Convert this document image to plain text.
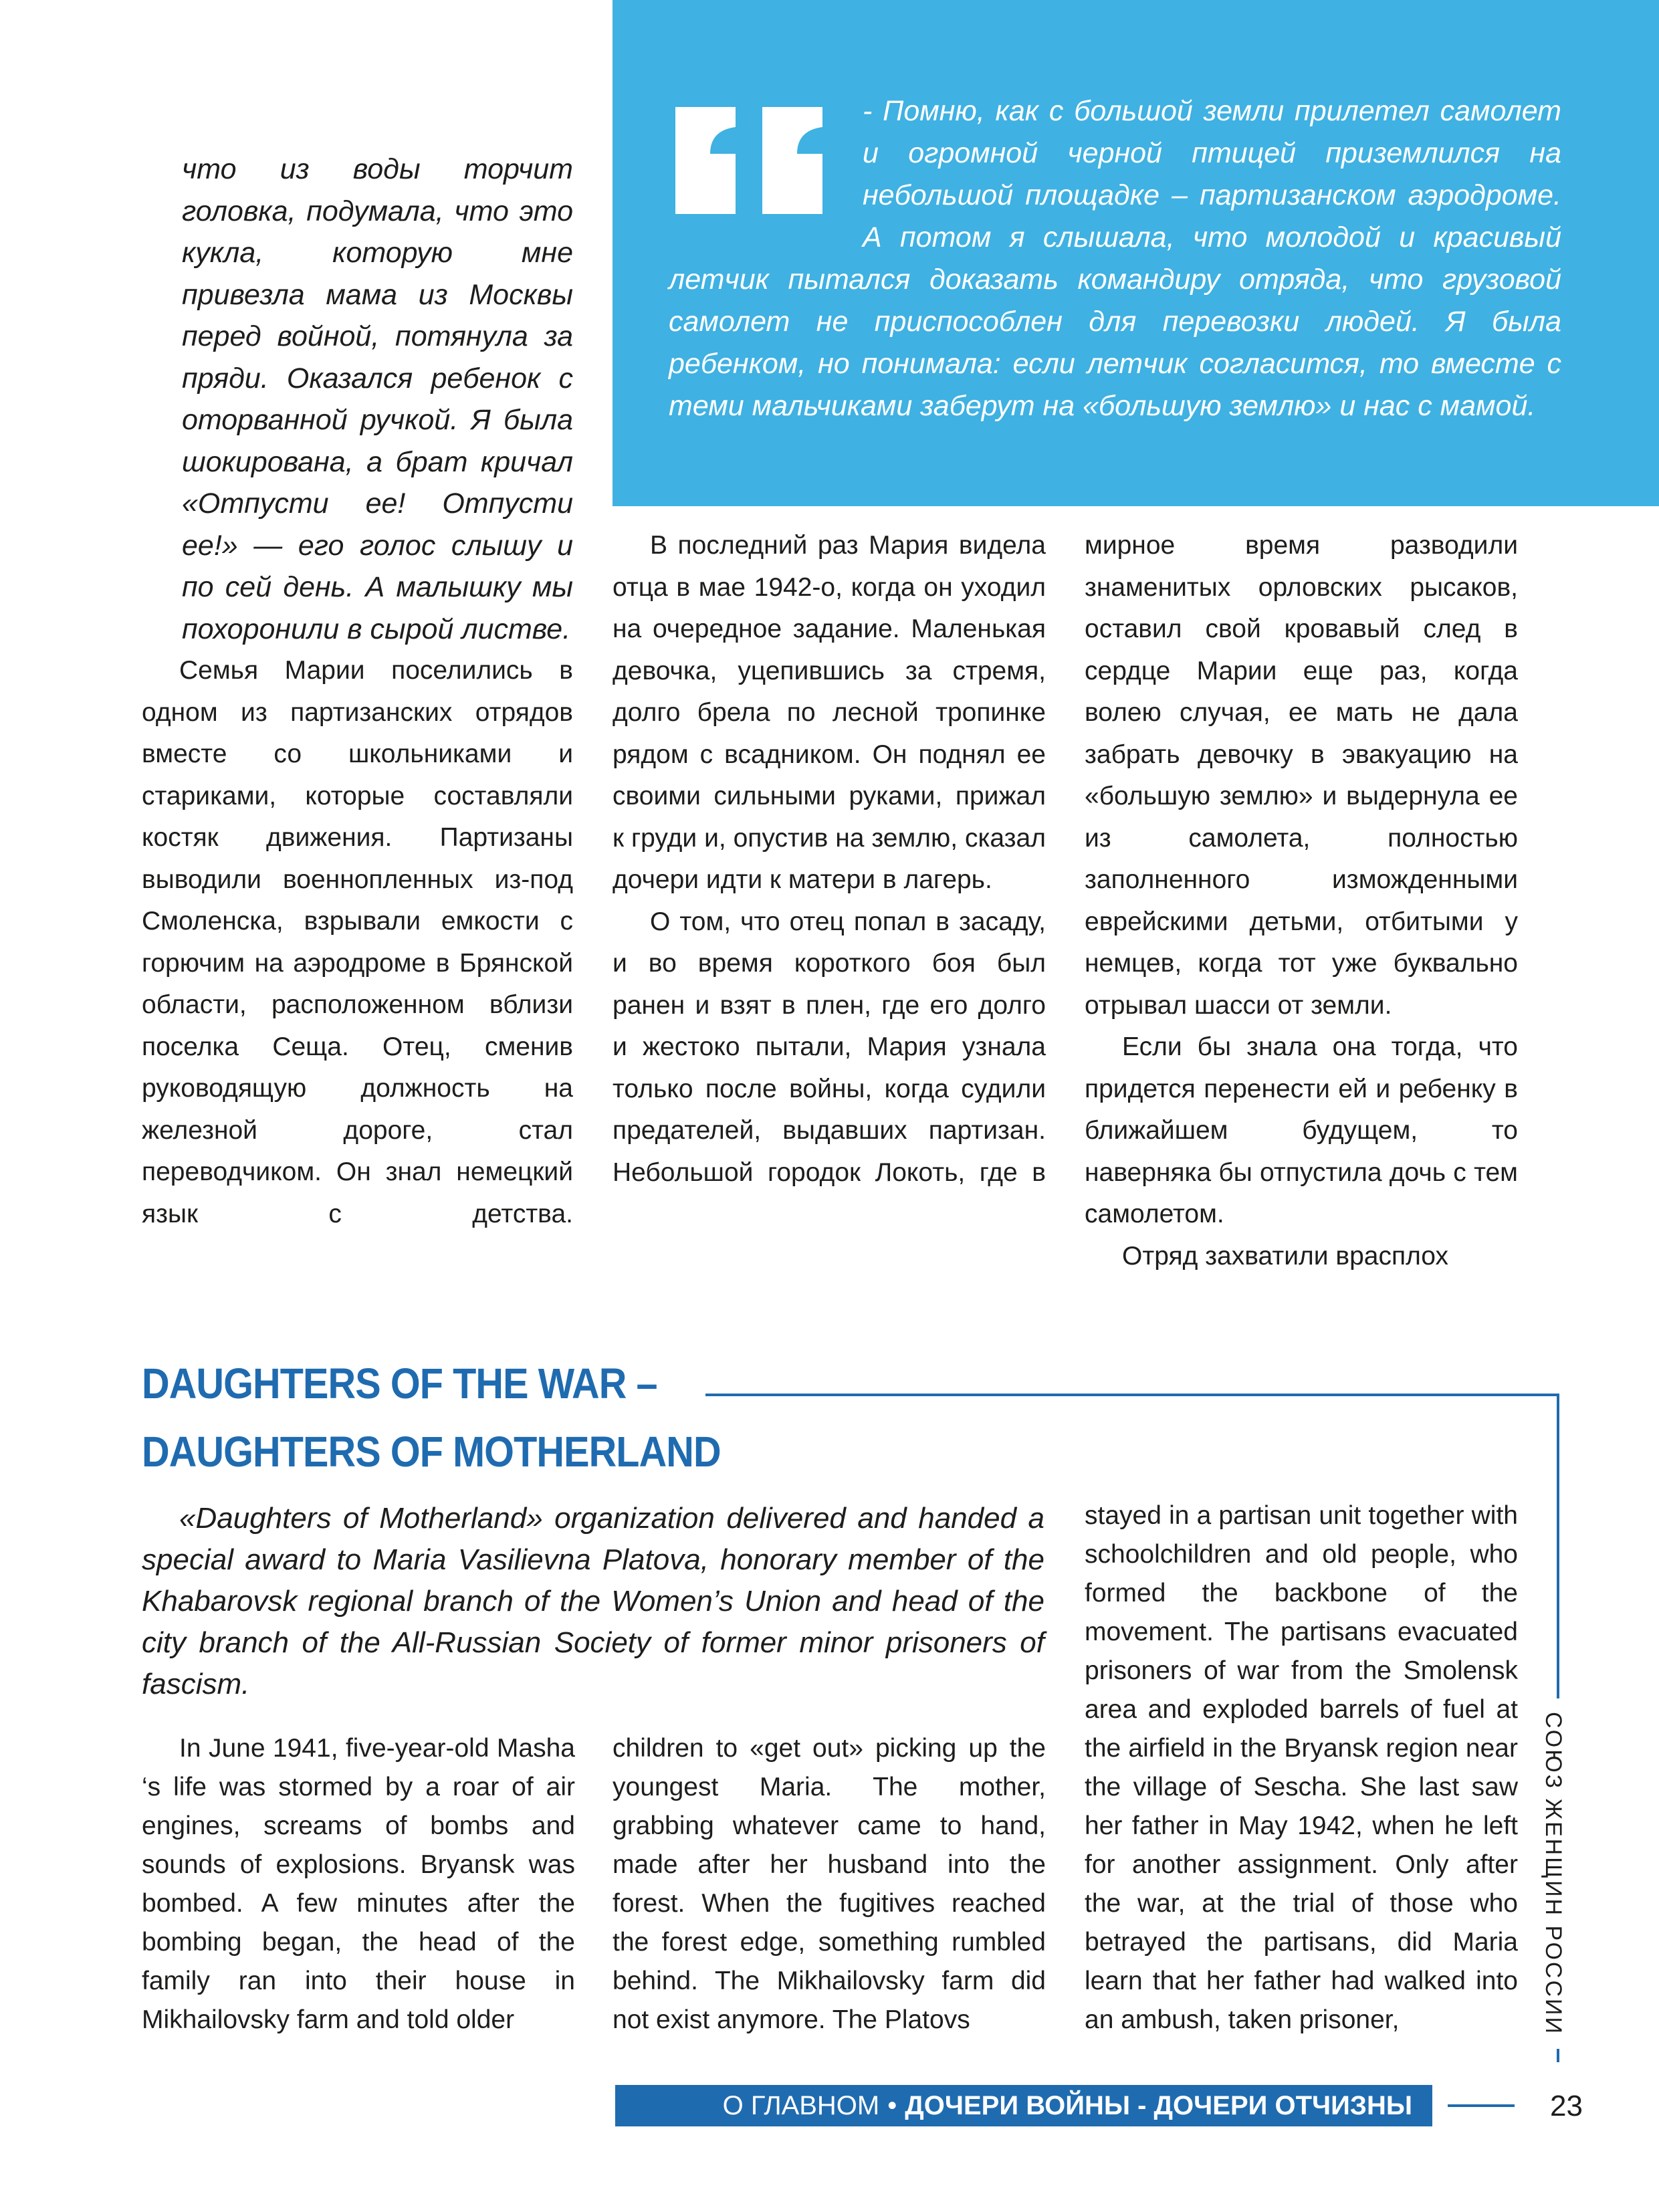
- Помню, как с большой земли прилетел самолет и огромной черной птицей приземлился на небольшой площадке – партизанском аэродроме. А потом я слышала, что молодой и красивый летчик пытался доказать командиру отряда, что грузовой самолет не приспособлен для перевозки людей. Я была ребенком, но понимала: если летчик согласится, то вместе с теми мальчиками заберут на «большую землю» и нас с мамой.

что из воды торчит головка, подумала, что это кукла, которую мне привезла мама из Москвы перед войной, потянула за пряди. Оказался ребенок с оторванной ручкой. Я была шокирована, а брат кричал «Отпусти ее! Отпусти ее!» — его голос слышу и по сей день. А малышку мы похоронили в сырой листве.

Семья Марии поселились в одном из партизанских отрядов вместе со школьниками и стариками, которые составляли костяк движения. Партизаны выводили военнопленных из-под Смоленска, взрывали емкости с горючим на аэродроме в Брянской области, расположенном вблизи поселка Сеща. Отец, сменив руководящую должность на железной дороге, стал переводчиком. Он знал немецкий язык с детства.

В последний раз Мария видела отца в мае 1942-о, когда он уходил на очередное задание. Маленькая девочка, уцепившись за стремя, долго брела по лесной тропинке рядом с всадником. Он поднял ее своими сильными руками, прижал к груди и, опустив на землю, сказал дочери идти к матери в лагерь.

О том, что отец попал в засаду, и во время короткого боя был ранен и взят в плен, где его долго и жестоко пытали, Мария узнала только после войны, когда судили предателей, выдавших партизан. Небольшой городок Локоть, где в

мирное время разводили знаменитых орловских рысаков, оставил свой кровавый след в сердце Марии еще раз, когда волею случая, ее мать не дала забрать девочку в эвакуацию на «большую землю» и выдернула ее из самолета, полностью заполненного изможденными еврейскими детьми, отбитыми у немцев, когда тот уже буквально отрывал шасси от земли.

Если бы знала она тогда, что придется перенести ей и ребенку в ближайшем будущем, то наверняка бы отпустила дочь с тем самолетом.

Отряд захватили врасплох

DAUGHTERS OF THE WAR –
DAUGHTERS OF MOTHERLAND
СОЮЗ ЖЕНЩИН РОССИИ

«Daughters of Motherland» organization delivered and handed a special award to Maria Vasilievna Platova, honorary member of the Khabarovsk regional branch of the Women’s Union and head of the city branch of the All-Russian Society of former minor prisoners of fascism.

In June 1941, five-year-old Masha ‘s life was stormed by a roar of air engines, screams of bombs and sounds of explosions. Bryansk was bombed. A few minutes after the bombing began, the head of the family ran into their house in Mikhailovsky farm and told older

children to «get out» picking up the youngest Maria. The mother, grabbing whatever came to hand, made after her husband into the forest. When the fugitives reached the forest edge, something rumbled behind. The Mikhailovsky farm did not exist anymore. The Platovs

stayed in a partisan unit together with schoolchildren and old people, who formed the backbone of the movement. The partisans evacuated prisoners of war from the Smolensk area and exploded barrels of fuel at the airfield in the Bryansk region near the village of Sescha. She last saw her father in May 1942, when he left for another assignment. Only after the war, at the trial of those who betrayed the partisans, did Maria learn that her father had walked into an ambush, taken prisoner,

О ГЛАВНОМ • ДОЧЕРИ ВОЙНЫ - ДОЧЕРИ ОТЧИЗНЫ	23
